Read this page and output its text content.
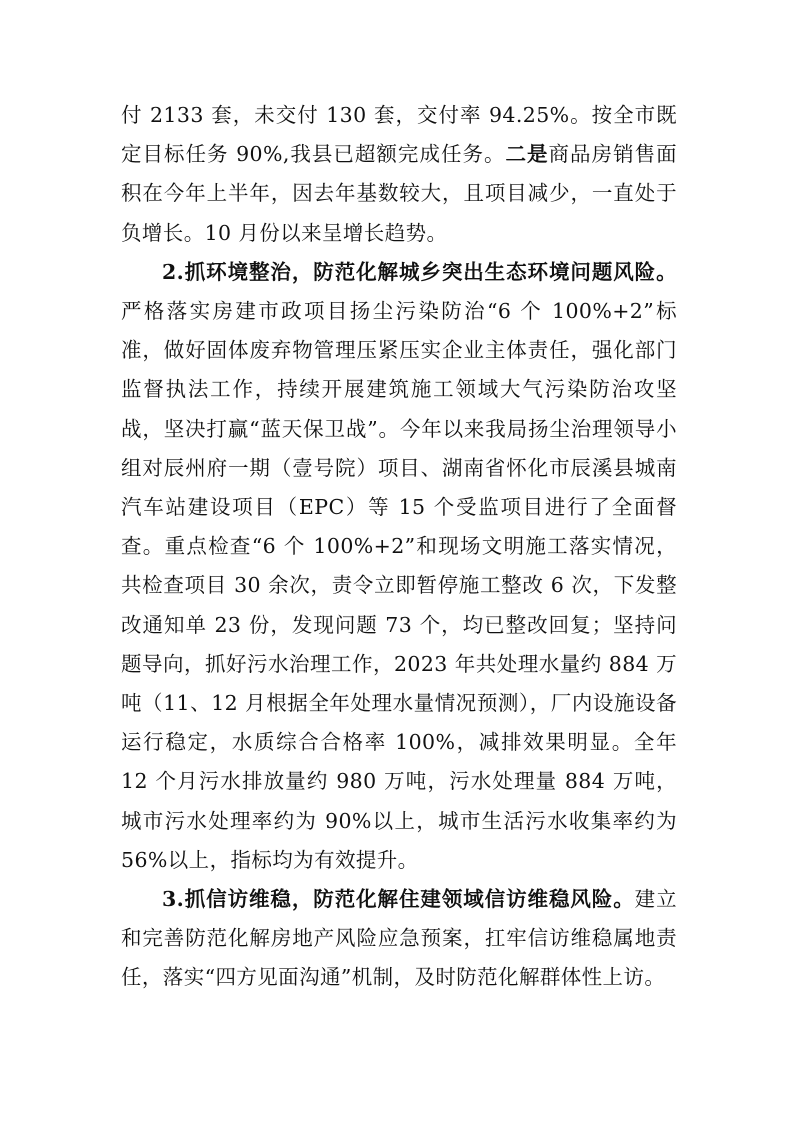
付 2133 套，未交付 130 套，交付率 94.25%。按全市既定目标任务 90%,我县已超额完成任务。二是商品房销售面积在今年上半年，因去年基数较大，且项目减少，一直处于负增长。10 月份以来呈增长趋势。

2.抓环境整治，防范化解城乡突出生态环境问题风险。严格落实房建市政项目扬尘污染防治“6 个 100%+2”标准，做好固体废弃物管理压紧压实企业主体责任，强化部门监督执法工作，持续开展建筑施工领域大气污染防治攻坚战，坚决打赢“蓝天保卫战”。今年以来我局扬尘治理领导小组对辰州府一期（壹号院）项目、湖南省怀化市辰溪县城南汽车站建设项目（EPC）等 15 个受监项目进行了全面督查。重点检查“6 个 100%+2”和现场文明施工落实情况，共检查项目 30 余次，责令立即暂停施工整改 6 次，下发整改通知单 23 份，发现问题 73 个，均已整改回复；坚持问题导向，抓好污水治理工作，2023 年共处理水量约 884 万吨（11、12 月根据全年处理水量情况预测），厂内设施设备运行稳定，水质综合合格率 100%，减排效果明显。全年 12 个月污水排放量约 980 万吨，污水处理量 884 万吨，城市污水处理率约为 90%以上，城市生活污水收集率约为 56%以上，指标均为有效提升。

3.抓信访维稳，防范化解住建领域信访维稳风险。建立和完善防范化解房地产风险应急预案，扛牢信访维稳属地责任，落实“四方见面沟通”机制，及时防范化解群体性上访。
